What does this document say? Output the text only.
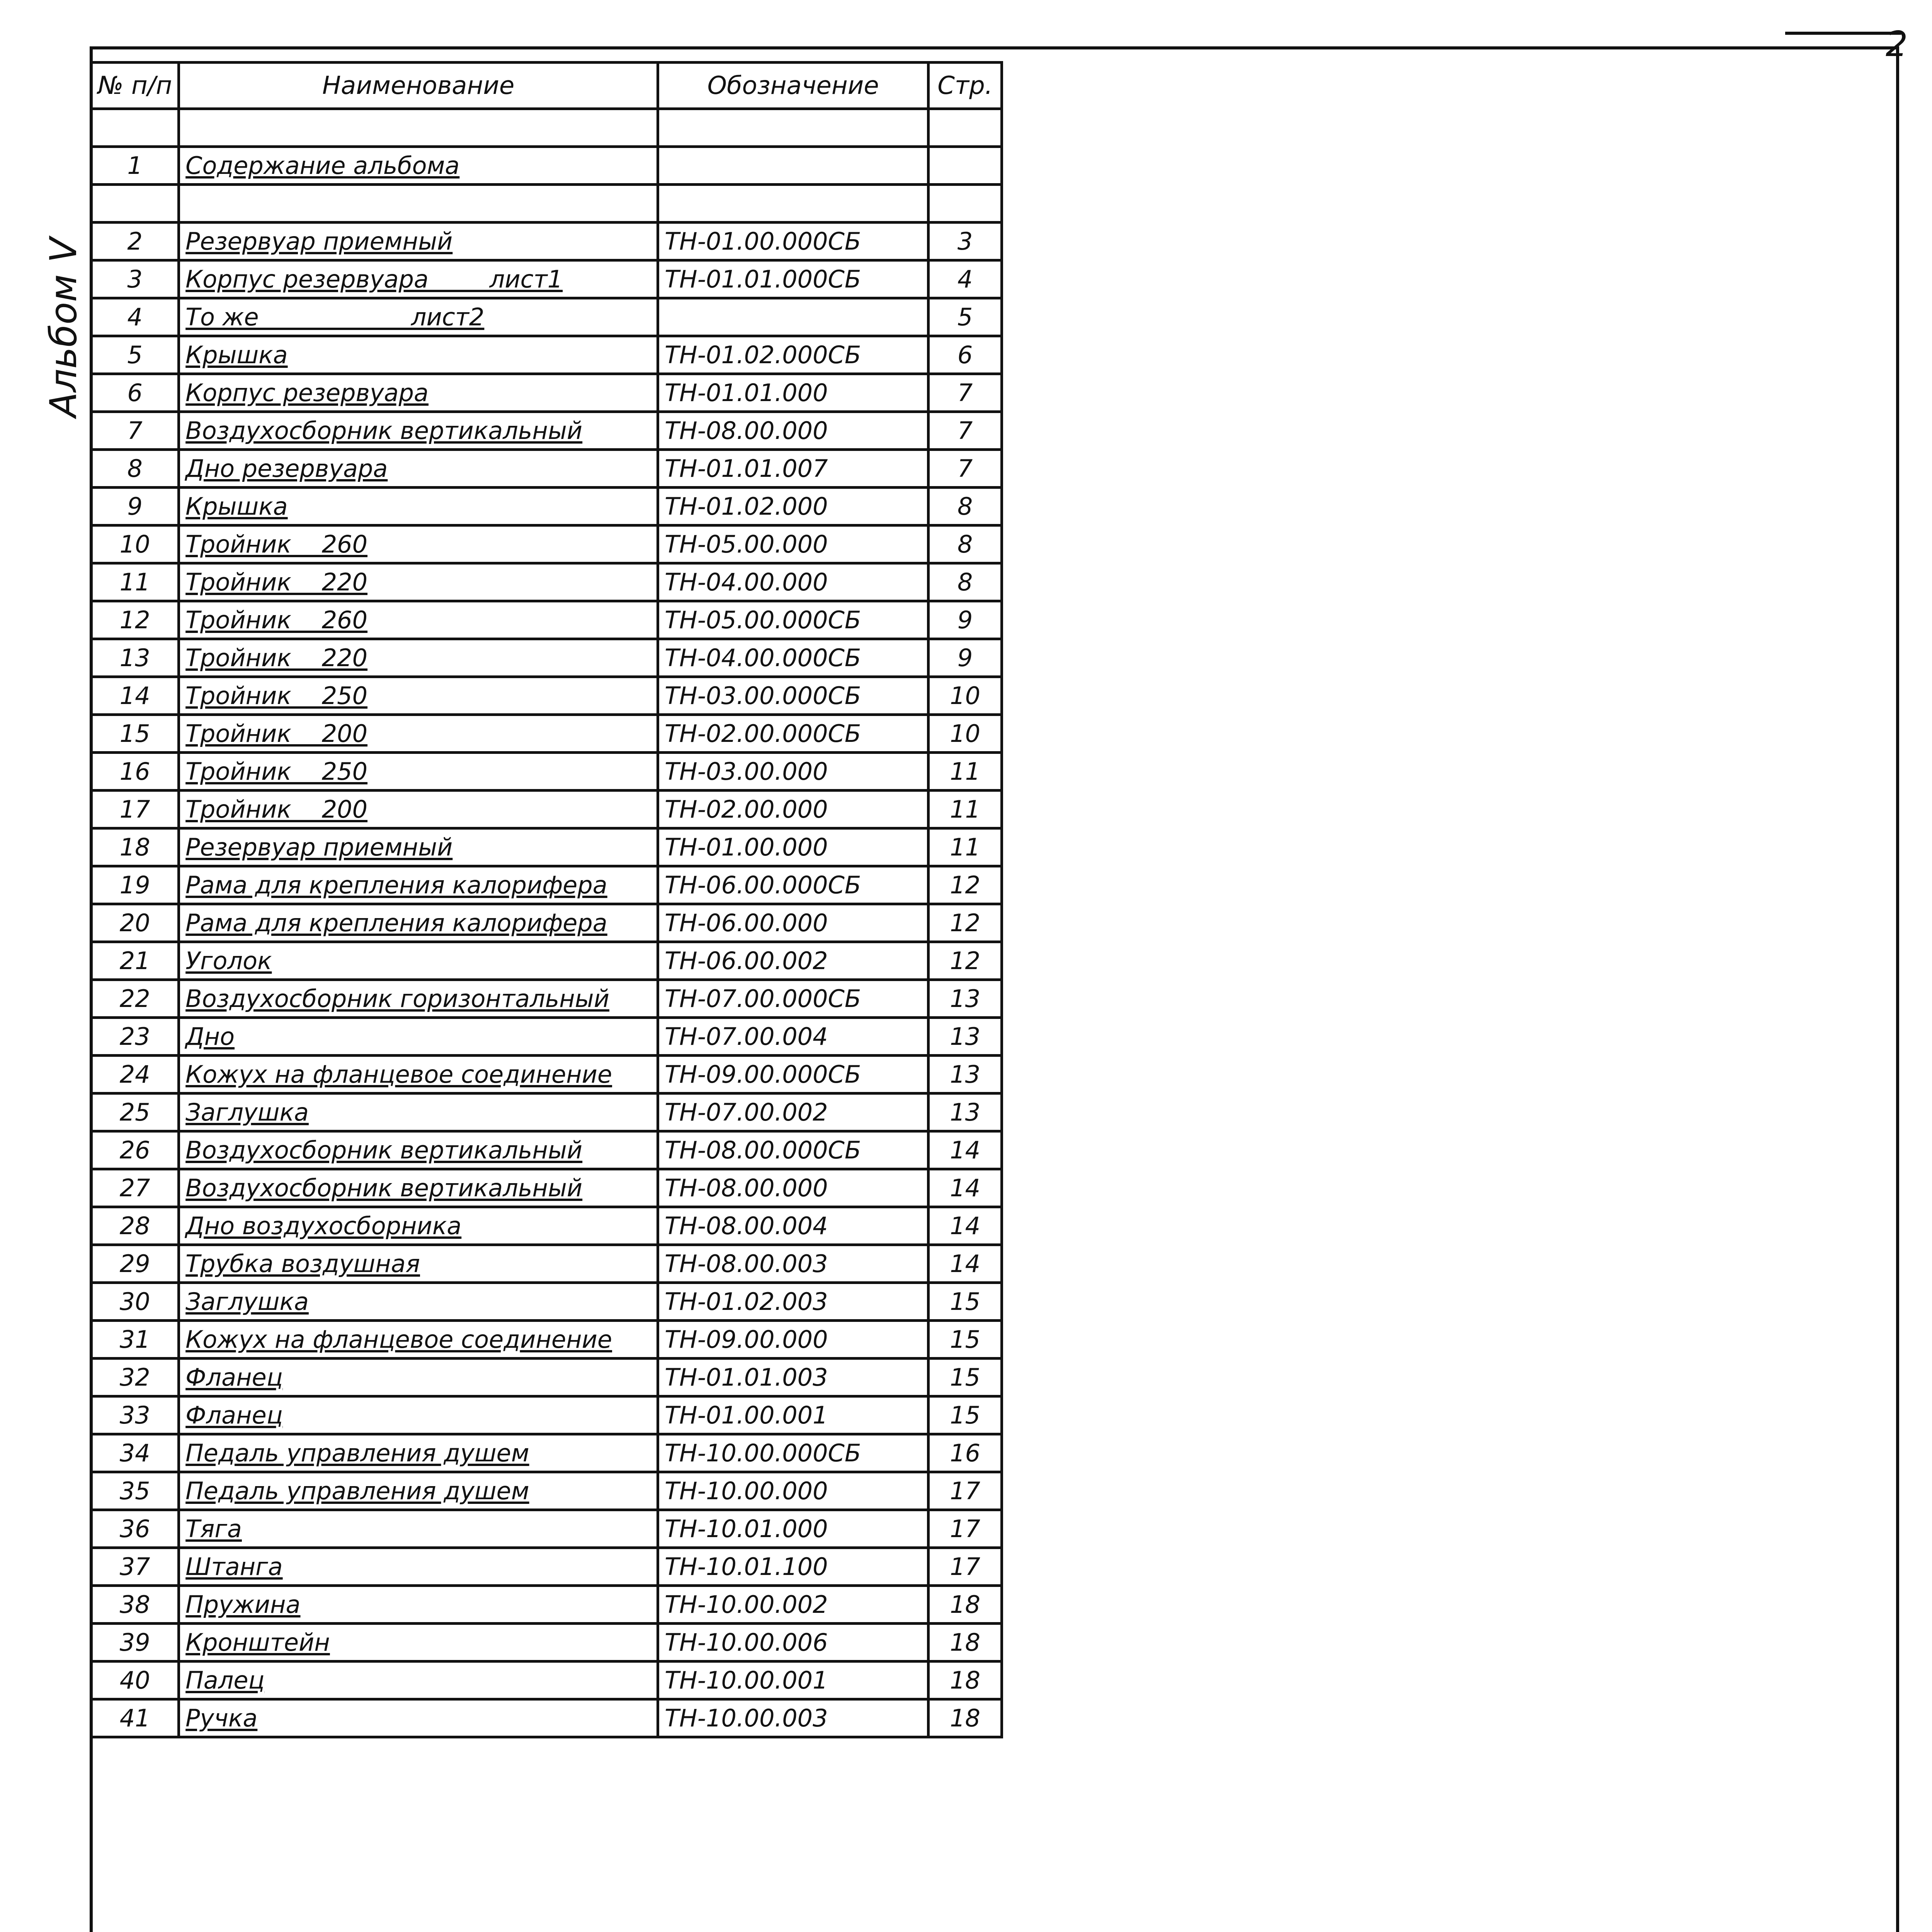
2
Альбом V
№ п/п	Наименование	Обозначение	Стр.

1	Содержание альбома		

2	Резервуар приемный	ТН-01.00.000СБ	3
3	Корпус резервуара        лист1	ТН-01.01.000СБ	4
4	То же                    лист2		5
5	Крышка	ТН-01.02.000СБ	6
6	Корпус резервуара	ТН-01.01.000	7
7	Воздухосборник вертикальный	ТН-08.00.000	7
8	Дно резервуара	ТН-01.01.007	7
9	Крышка	ТН-01.02.000	8
10	Тройник    260	ТН-05.00.000	8
11	Тройник    220	ТН-04.00.000	8
12	Тройник    260	ТН-05.00.000СБ	9
13	Тройник    220	ТН-04.00.000СБ	9
14	Тройник    250	ТН-03.00.000СБ	10
15	Тройник    200	ТН-02.00.000СБ	10
16	Тройник    250	ТН-03.00.000	11
17	Тройник    200	ТН-02.00.000	11
18	Резервуар приемный	ТН-01.00.000	11
19	Рама для крепления калорифера	ТН-06.00.000СБ	12
20	Рама для крепления калорифера	ТН-06.00.000	12
21	Уголок	ТН-06.00.002	12
22	Воздухосборник горизонтальный	ТН-07.00.000СБ	13
23	Дно	ТН-07.00.004	13
24	Кожух на фланцевое соединение	ТН-09.00.000СБ	13
25	Заглушка	ТН-07.00.002	13
26	Воздухосборник вертикальный	ТН-08.00.000СБ	14
27	Воздухосборник вертикальный	ТН-08.00.000	14
28	Дно воздухосборника	ТН-08.00.004	14
29	Трубка воздушная	ТН-08.00.003	14
30	Заглушка	ТН-01.02.003	15
31	Кожух на фланцевое соединение	ТН-09.00.000	15
32	Фланец	ТН-01.01.003	15
33	Фланец	ТН-01.00.001	15
34	Педаль управления душем	ТН-10.00.000СБ	16
35	Педаль управления душем	ТН-10.00.000	17
36	Тяга	ТН-10.01.000	17
37	Штанга	ТН-10.01.100	17
38	Пружина	ТН-10.00.002	18
39	Кронштейн	ТН-10.00.006	18
40	Палец	ТН-10.00.001	18
41	Ручка	ТН-10.00.003	18
